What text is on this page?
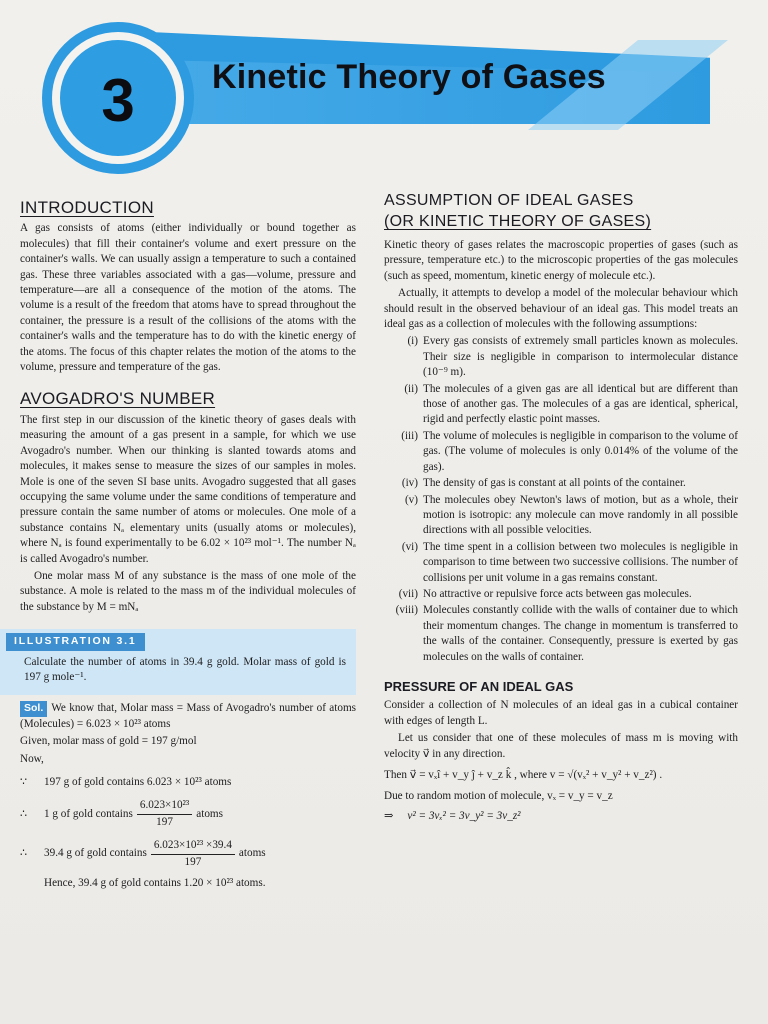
Kinetic Theory of Gases
3
INTRODUCTION

A gas consists of atoms (either individually or bound together as molecules) that fill their container's volume and exert pressure on the container's walls. We can usually assign a temperature to such a contained gas. These three variables associated with a gas—volume, pressure and temperature—are all a consequence of the motion of the atoms. The volume is a result of the freedom that atoms have to spread throughout the container, the pressure is a result of the collisions of the atoms with the container's walls and the temperature has to do with the kinetic energy of the atoms. The focus of this chapter relates the motion of the atoms to the volume, pressure and temperature of the gas.

AVOGADRO'S NUMBER

The first step in our discussion of the kinetic theory of gases deals with measuring the amount of a gas present in a sample, for which we use Avogadro's number. When our thinking is slanted towards atoms and molecules, it makes sense to measure the sizes of our samples in moles. Mole is one of the seven SI base units. Avogadro suggested that all gases occupying the same volume under the same conditions of temperature and pressure contain the same number of atoms or molecules. One mole of a substance contains Nₐ elementary units (usually atoms or molecules), where Nₐ is found experimentally to be 6.02 × 10²³ mol⁻¹. The number Nₐ is called Avogadro's number.

One molar mass M of any substance is the mass of one mole of the substance. A mole is related to the mass m of the individual molecules of the substance by M = mNₐ

ILLUSTRATION 3.1

Calculate the number of atoms in 39.4 g gold. Molar mass of gold is 197 g mole⁻¹.

Sol. We know that, Molar mass = Mass of Avogadro's number of atoms (Molecules) = 6.023 × 10²³ atoms

Given, molar mass of gold = 197 g/mol

Now,

∵	197 g of gold contains 6.023 × 10²³ atoms
∴	1 g of gold contains $\frac{\text{6.023×10²³}}{197}$ atoms
∴	39.4 g of gold contains $\frac{\text{6.023×10²³ ×39.4}}{197}$ atoms

Hence, 39.4 g of gold contains 1.20 × 10²³ atoms.

ASSUMPTION OF IDEAL GASES
(OR KINETIC THEORY OF GASES)

Kinetic theory of gases relates the macroscopic properties of gases (such as pressure, temperature etc.) to the microscopic properties of the gas molecules (such as speed, momentum, kinetic energy of molecule etc.).

Actually, it attempts to develop a model of the molecular behaviour which should result in the observed behaviour of an ideal gas. This model treats an ideal gas as a collection of molecules with the following assumptions:

(i) Every gas consists of extremely small particles known as molecules. Their size is negligible in comparison to intermolecular distance (10⁻⁹ m).
(ii) The molecules of a given gas are all identical but are different than those of another gas. The molecules of a gas are identical, spherical, rigid and perfectly elastic point masses.
(iii) The volume of molecules is negligible in comparison to the volume of gas. (The volume of molecules is only 0.014% of the volume of the gas).
(iv) The density of gas is constant at all points of the container.
(v) The molecules obey Newton's laws of motion, but as a whole, their motion is isotropic: any molecule can move randomly in all possible directions with all possible velocities.
(vi) The time spent in a collision between two molecules is negligible in comparison to time between two successive collisions. The number of collisions per unit volume in a gas remains constant.
(vii) No attractive or repulsive force acts between gas molecules.
(viii) Molecules constantly collide with the walls of container due to which their momentum changes. The change in momentum is transferred to the walls of the container. Consequently, pressure is exerted by gas molecules on the walls of container.
PRESSURE OF AN IDEAL GAS

Consider a collection of N molecules of an ideal gas in a cubical container with edges of length L.

Let us consider that one of these molecules of mass m is moving with velocity v⃗ in any direction.

Then v⃗ = vₓî + v_y ĵ + v_z k̂ , where v = √(vₓ² + v_y² + v_z²) .

Due to random motion of molecule, vₓ = v_y = v_z

⇒ v² = 3vₓ² = 3v_y² = 3v_z²
